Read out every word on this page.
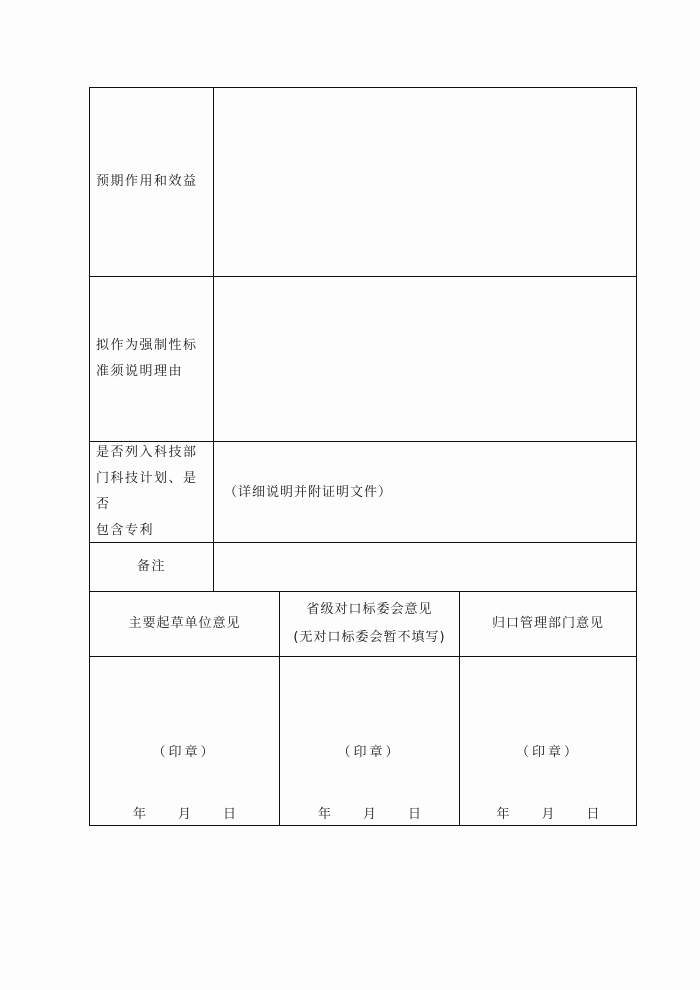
预期作用和效益
拟作为强制性标
准须说明理由
是否列入科技部
门科技计划、是否
包含专利
（详细说明并附证明文件）
备注
主要起草单位意见
省级对口标委会意见
(无对口标委会暂不填写)
归口管理部门意见
（印章）
年 月 日
（印章）
年 月 日
（印章）
年 月 日
